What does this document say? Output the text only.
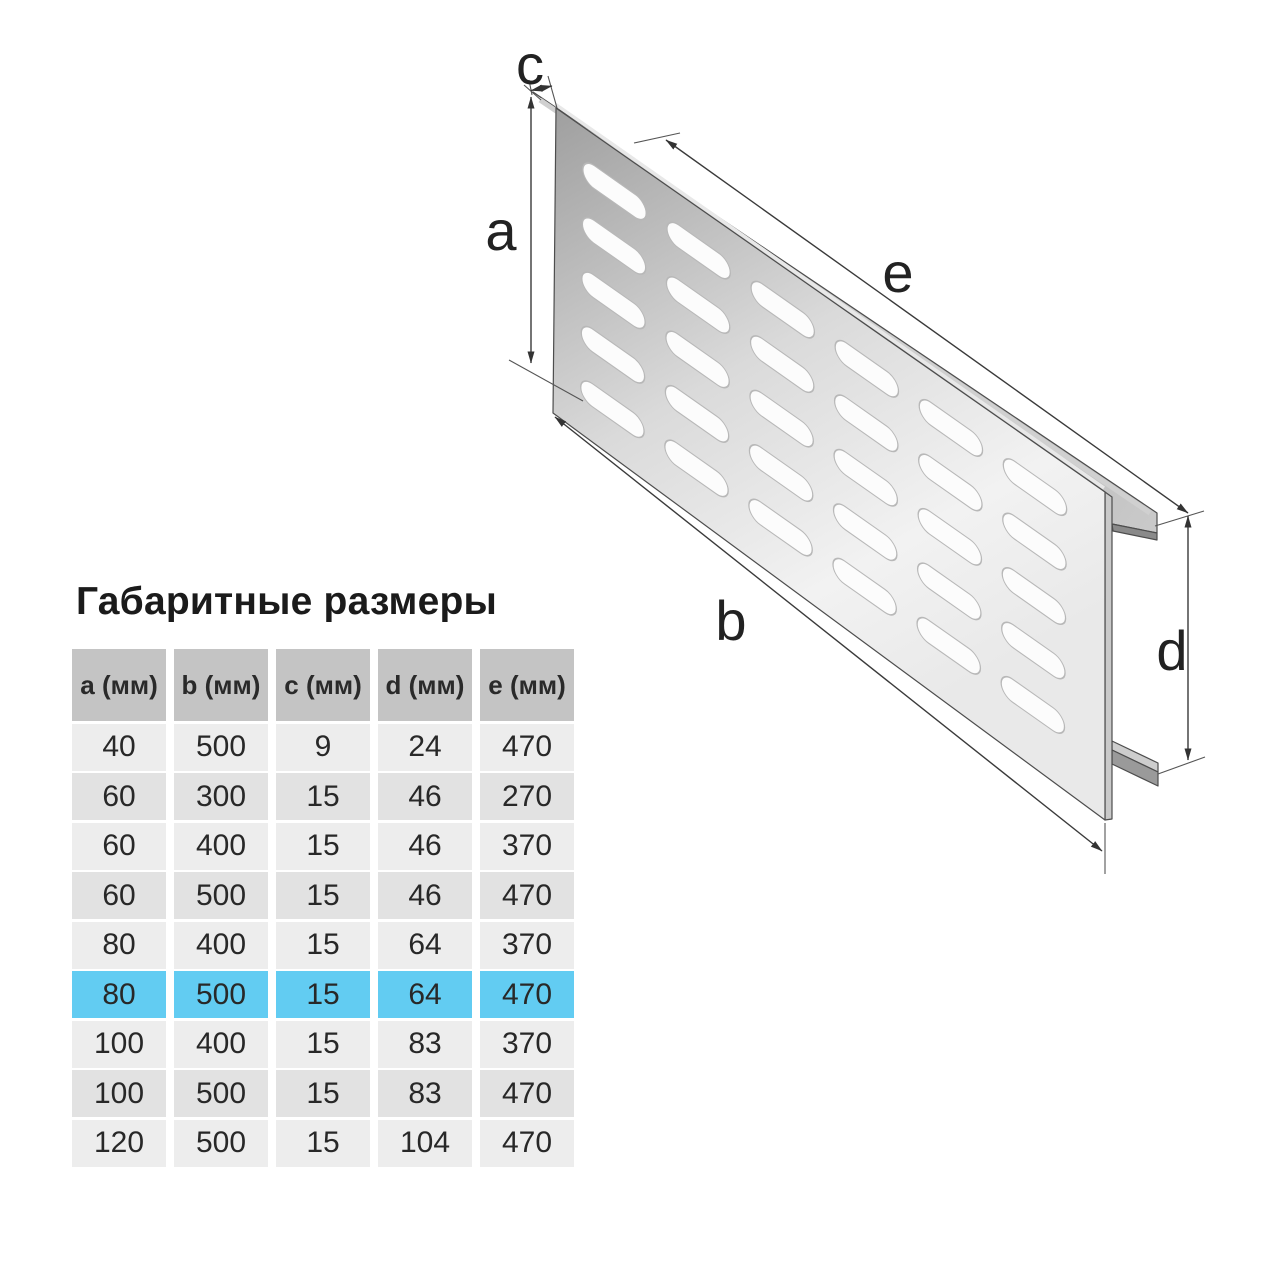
a
c
e
d
b
Габаритные размеры
a (мм) b (мм) c (мм) d (мм) e (мм)
40	500	9	24	470
60	300	15	46	270
60	400	15	46	370
60	500	15	46	470
80	400	15	64	370
80	500	15	64	470
100	400	15	83	370
100	500	15	83	470
120	500	15	104	470
